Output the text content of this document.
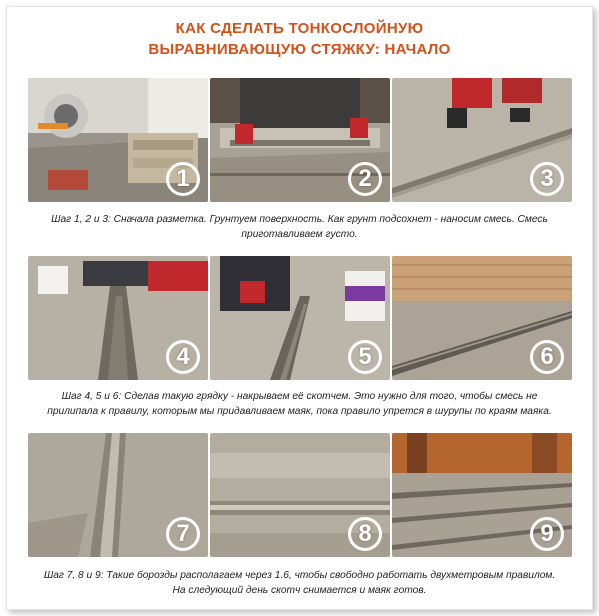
КАК СДЕЛАТЬ ТОНКОСЛОЙНУЮ
ВЫРАВНИВАЮЩУЮ СТЯЖКУ: НАЧАЛО
1	2	3
Шаг 1, 2 и 3: Сначала разметка. Грунтуем поверхность. Как грунт подсохнет - наносим смесь. Смесь
приготавливаем густо.
4	5	6
Шаг 4, 5 и 6: Сделав такую грядку - накрываем её скотчем. Это нужно для того, чтобы смесь не
прилипала к правилу, которым мы придавливаем маяк, пока правило упрется в шурупы по краям маяка.
7	8	9
Шаг 7, 8 и 9: Такие борозды располагаем через 1.6, чтобы свободно работать двухметровым правилом.
На следующий день скотч снимается и маяк готов.
